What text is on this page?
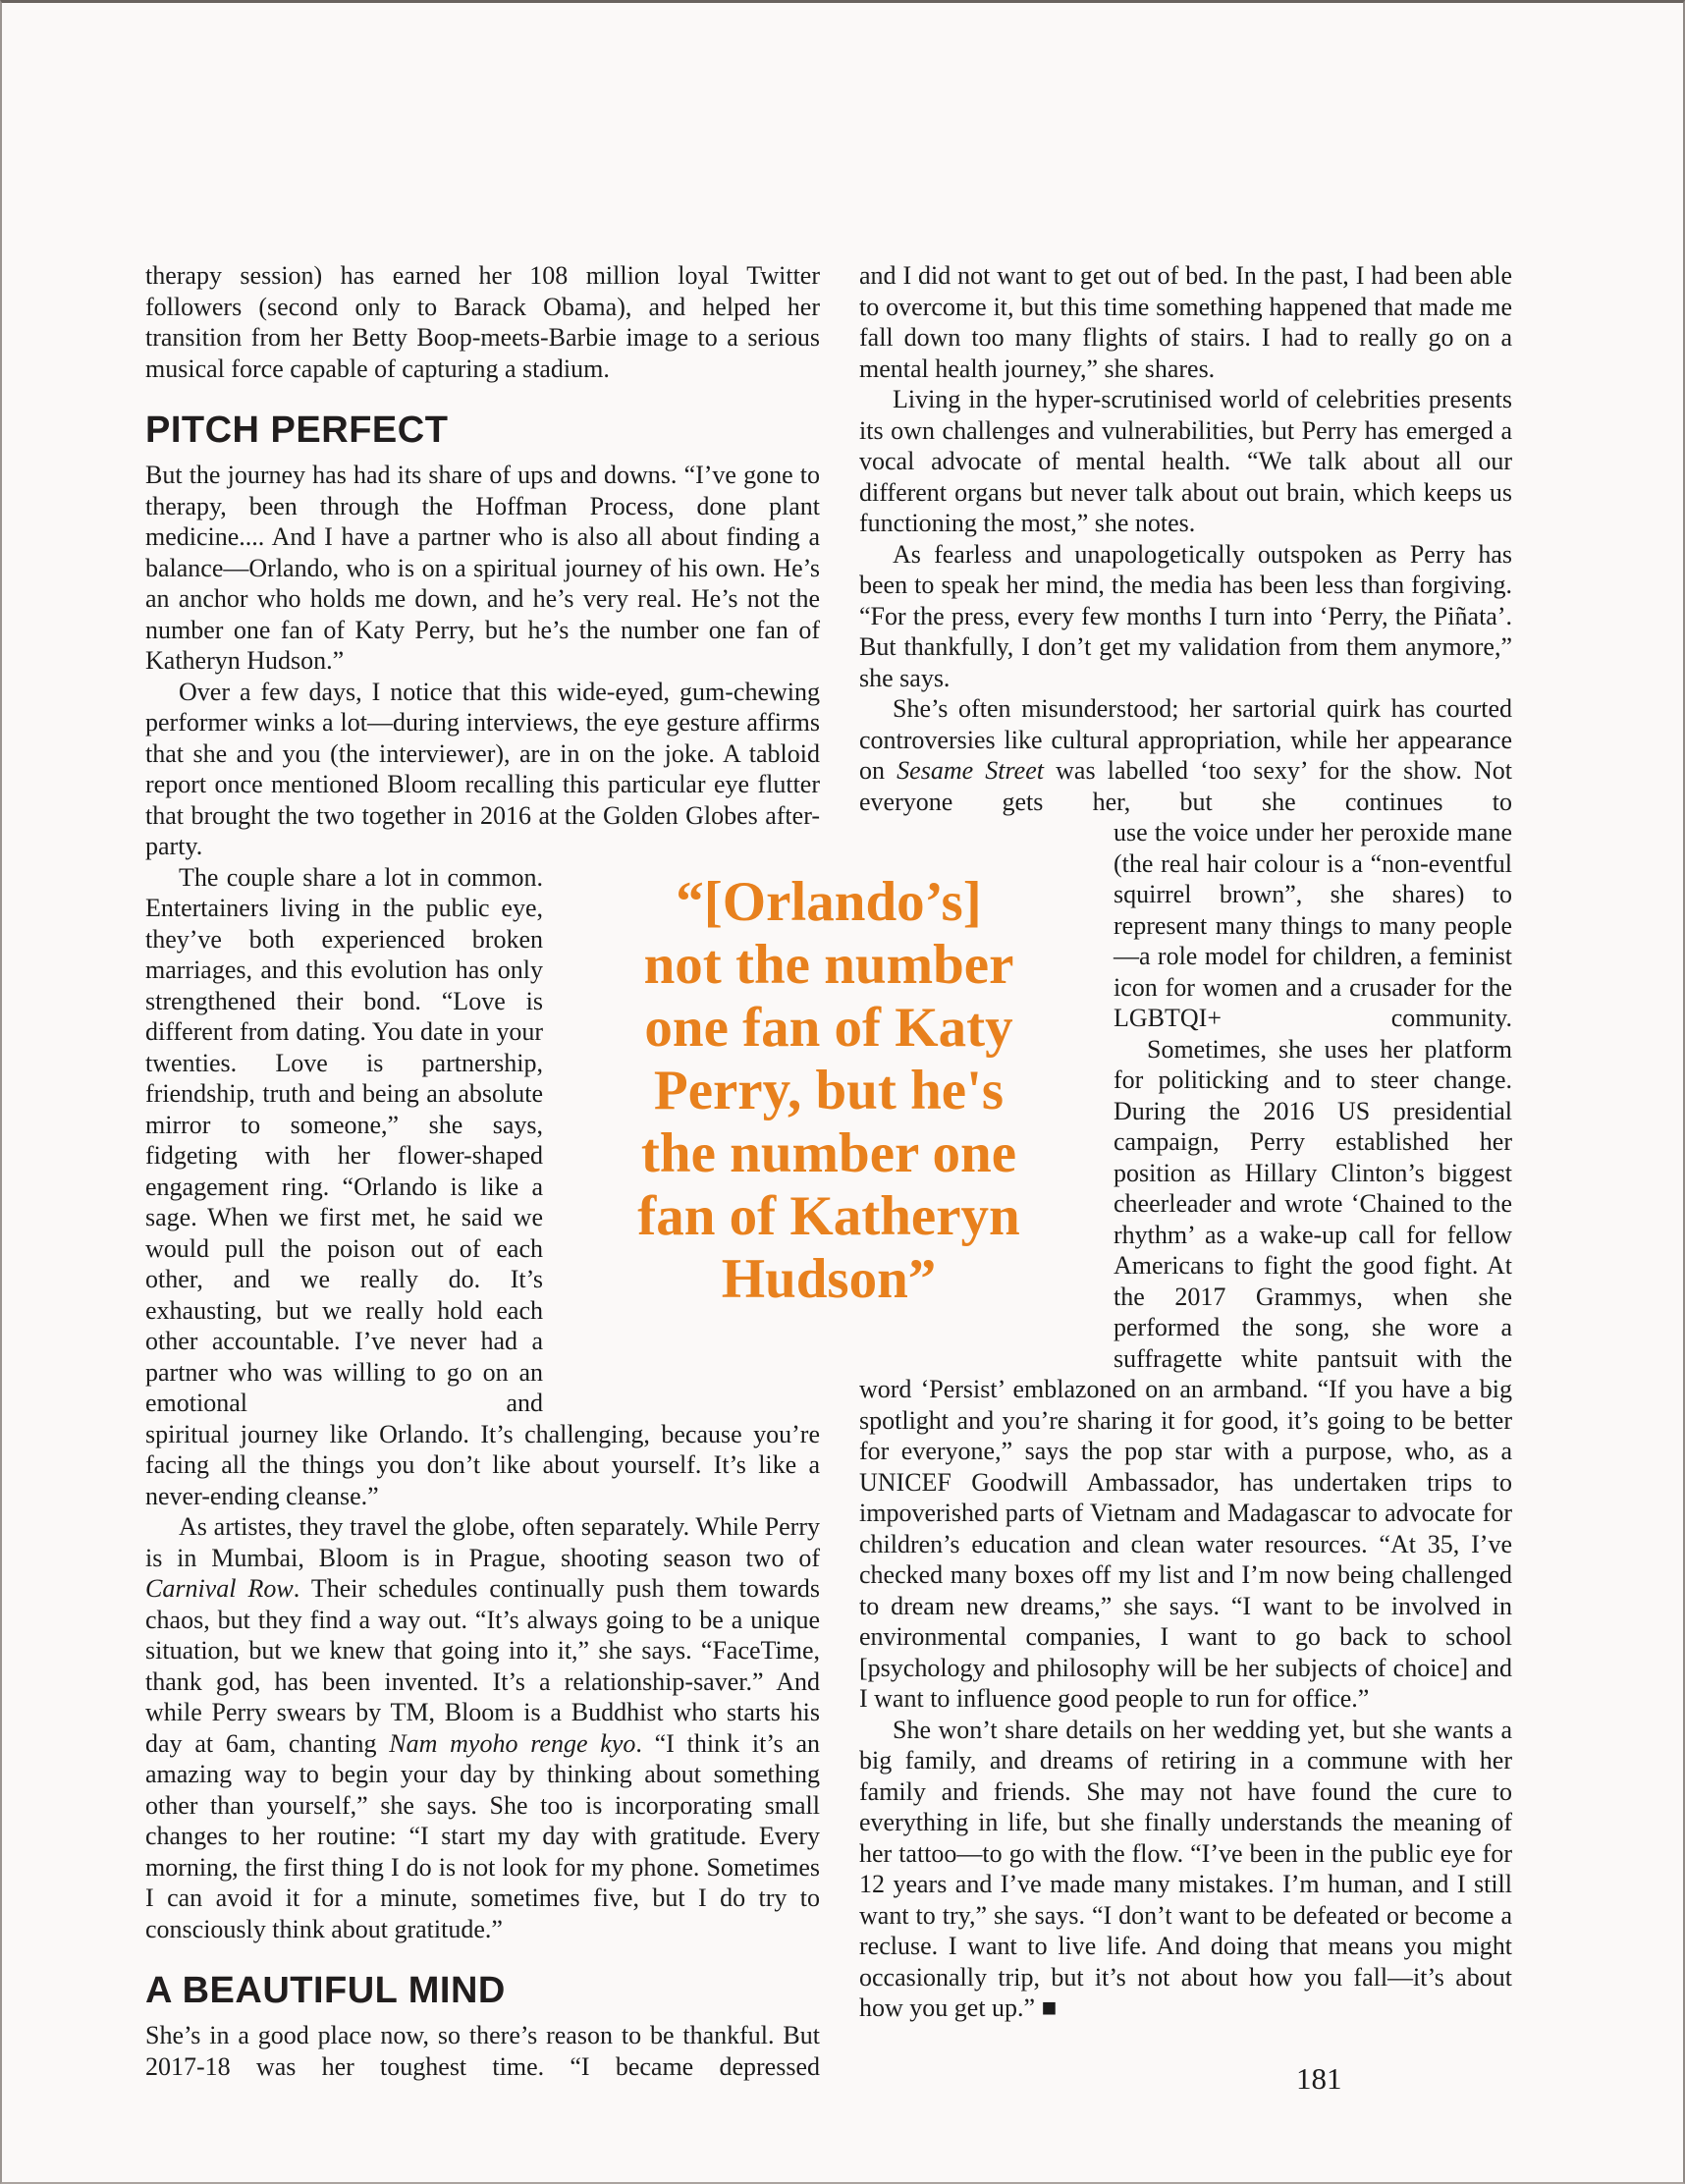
therapy session) has earned her 108 million loyal Twitter followers (second only to Barack Obama), and helped her transition from her Betty Boop-meets-Barbie image to a serious musical force capable of capturing a stadium.

PITCH PERFECT

But the journey has had its share of ups and downs. “I’ve gone to therapy, been through the Hoffman Process, done plant medicine.... And I have a partner who is also all about finding a balance—Orlando, who is on a spiritual journey of his own. He’s an anchor who holds me down, and he’s very real. He’s not the number one fan of Katy Perry, but he’s the number one fan of Katheryn Hudson.”

Over a few days, I notice that this wide-eyed, gum-chewing performer winks a lot—during interviews, the eye gesture affirms that she and you (the interviewer), are in on the joke. A tabloid report once mentioned Bloom recalling this particular eye flutter that brought the two together in 2016 at the Golden Globes after-party.

The couple share a lot in common. Entertainers living in the public eye, they’ve both experienced broken marriages, and this evolution has only strengthened their bond. “Love is different from dating. You date in your twenties. Love is partnership, friendship, truth and being an absolute mirror to someone,” she says, fidgeting with her flower-shaped engagement ring. “Orlando is like a sage. When we first met, he said we would pull the poison out of each other, and we really do. It’s exhausting, but we really hold each other accountable. I’ve never had a partner who was willing to go on an emotional and

spiritual journey like Orlando. It’s challenging, because you’re facing all the things you don’t like about yourself. It’s like a never-ending cleanse.”

As artistes, they travel the globe, often separately. While Perry is in Mumbai, Bloom is in Prague, shooting season two of Carnival Row. Their schedules continually push them towards chaos, but they find a way out. “It’s always going to be a unique situation, but we knew that going into it,” she says. “FaceTime, thank god, has been invented. It’s a relationship-saver.” And while Perry swears by TM, Bloom is a Buddhist who starts his day at 6am, chanting Nam myoho renge kyo. “I think it’s an amazing way to begin your day by thinking about something other than yourself,” she says. She too is incorporating small changes to her routine: “I start my day with gratitude. Every morning, the first thing I do is not look for my phone. Sometimes I can avoid it for a minute, sometimes five, but I do try to consciously think about gratitude.”

A BEAUTIFUL MIND

She’s in a good place now, so there’s reason to be thankful. But 2017-18 was her toughest time. “I became depressed

and I did not want to get out of bed. In the past, I had been able to overcome it, but this time something happened that made me fall down too many flights of stairs. I had to really go on a mental health journey,” she shares.

Living in the hyper-scrutinised world of celebrities presents its own challenges and vulnerabilities, but Perry has emerged a vocal advocate of mental health. “We talk about all our different organs but never talk about out brain, which keeps us functioning the most,” she notes.

As fearless and unapologetically outspoken as Perry has been to speak her mind, the media has been less than forgiving. “For the press, every few months I turn into ‘Perry, the Piñata’. But thankfully, I don’t get my validation from them anymore,” she says.

She’s often misunderstood; her sartorial quirk has courted controversies like cultural appropriation, while her appearance on Sesame Street was labelled ‘too sexy’ for the show. Not everyone gets her, but she continues to

use the voice under her peroxide mane (the real hair colour is a “non-eventful squirrel brown”, she shares) to represent many things to many people—a role model for children, a feminist icon for women and a crusader for the LGBTQI+ community.

Sometimes, she uses her platform for politicking and to steer change. During the 2016 US presidential campaign, Perry established her position as Hillary Clinton’s biggest cheerleader and wrote ‘Chained to the rhythm’ as a wake-up call for fellow Americans to fight the good fight. At the 2017 Grammys, when she performed the song, she wore a suffragette white pantsuit with the

word ‘Persist’ emblazoned on an armband. “If you have a big spotlight and you’re sharing it for good, it’s going to be better for everyone,” says the pop star with a purpose, who, as a UNICEF Goodwill Ambassador, has undertaken trips to impoverished parts of Vietnam and Madagascar to advocate for children’s education and clean water resources. “At 35, I’ve checked many boxes off my list and I’m now being challenged to dream new dreams,” she says. “I want to be involved in environmental companies, I want to go back to school [psychology and philosophy will be her subjects of choice] and I want to influence good people to run for office.”

She won’t share details on her wedding yet, but she wants a big family, and dreams of retiring in a commune with her family and friends. She may not have found the cure to everything in life, but she finally understands the meaning of her tattoo—to go with the flow. “I’ve been in the public eye for 12 years and I’ve made many mistakes. I’m human, and I still want to try,” she says. “I don’t want to be defeated or become a recluse. I want to live life. And doing that means you might occasionally trip, but it’s not about how you fall—it’s about how you get up.” ■

“[Orlando’s]
not the number
one fan of Katy
Perry, but he's
the number one
fan of Katheryn
Hudson”
181
